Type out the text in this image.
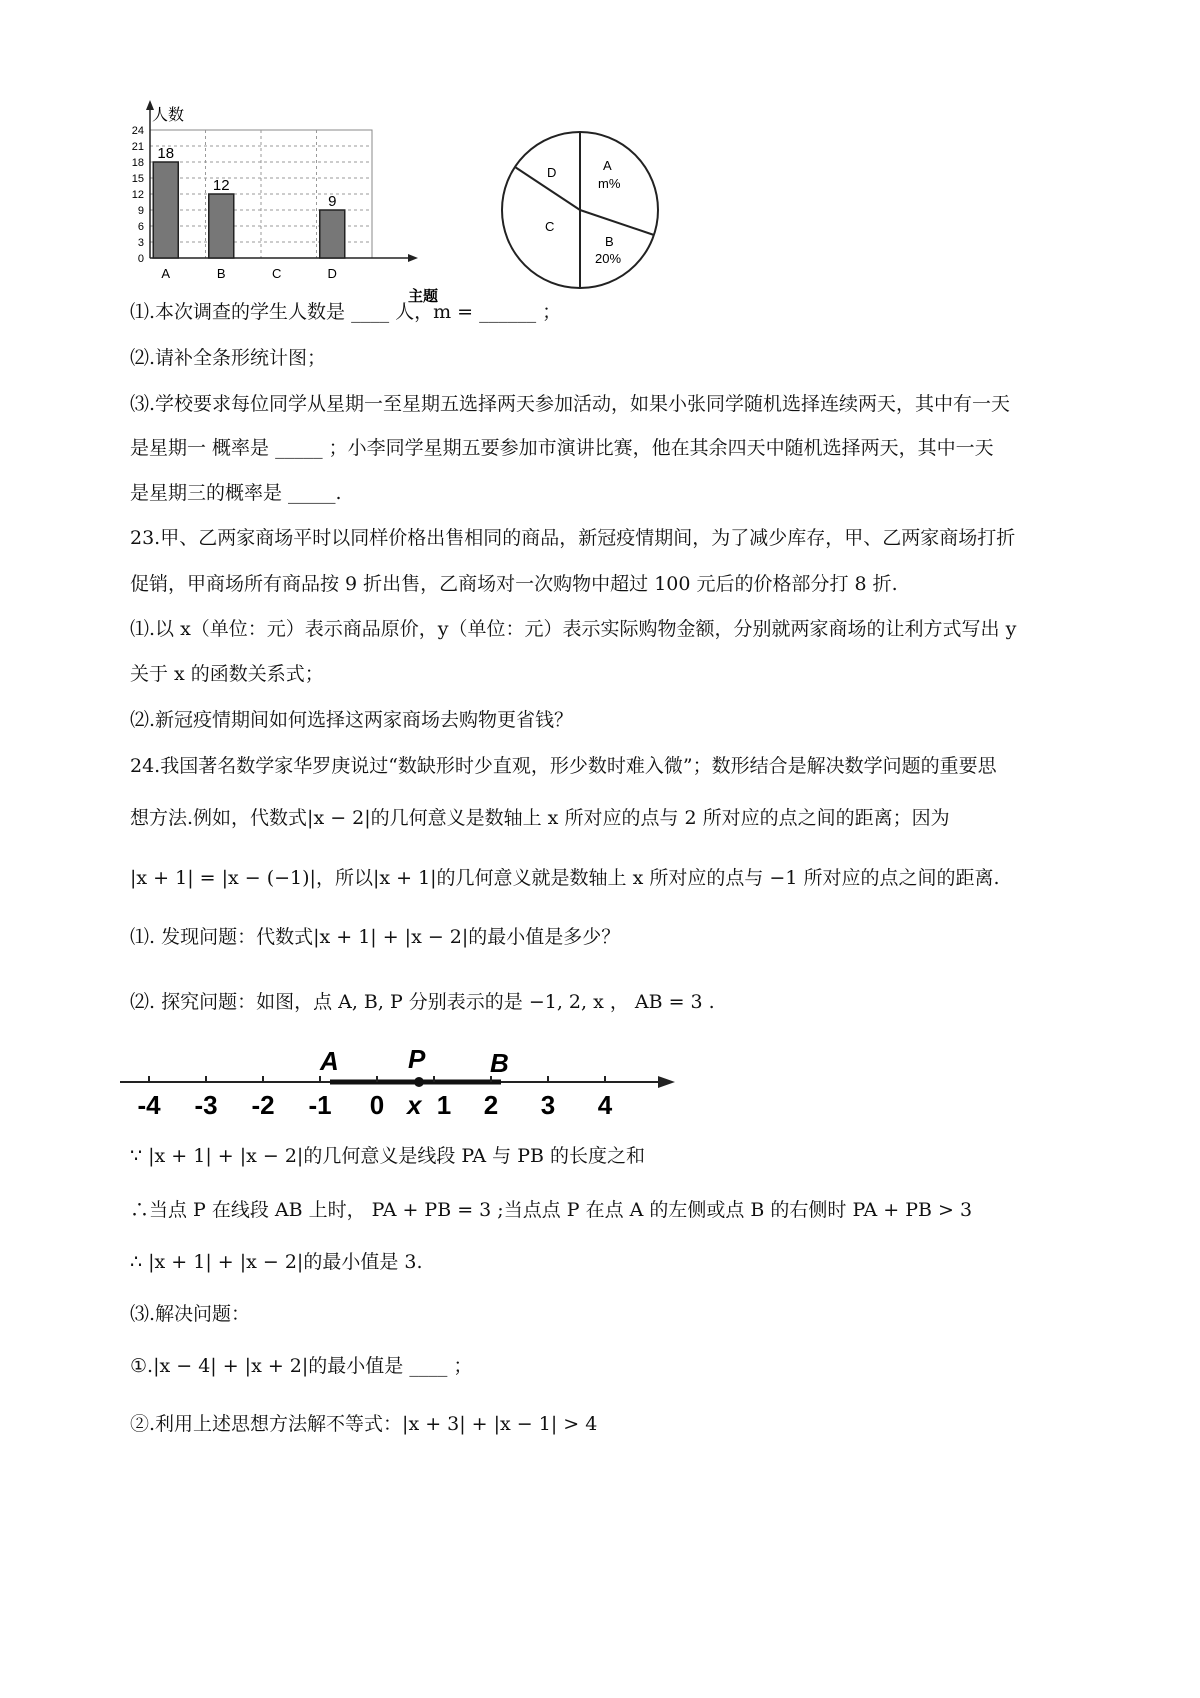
0
3
6
9
12
15
18
21
24
A	B	C	D
18
12
9
人数
主题
A
m%
B
20%
C
D
⑴.本次调查的学生人数是 ____ 人，m = ______ ；
⑵.请补全条形统计图；
⑶.学校要求每位同学从星期一至星期五选择两天参加活动，如果小张同学随机选择连续两天，其中有一天
是星期一 概率是 _____ ；小李同学星期五要参加市演讲比赛，他在其余四天中随机选择两天，其中一天
是星期三的概率是 _____.
23.甲、乙两家商场平时以同样价格出售相同的商品，新冠疫情期间，为了减少库存，甲、乙两家商场打折
促销，甲商场所有商品按 9 折出售，乙商场对一次购物中超过 100 元后的价格部分打 8 折.
⑴.以 x（单位：元）表示商品原价，y（单位：元）表示实际购物金额，分别就两家商场的让利方式写出 y
关于 x 的函数关系式；
⑵.新冠疫情期间如何选择这两家商场去购物更省钱？
24.我国著名数学家华罗庚说过“数缺形时少直观，形少数时难入微”；数形结合是解决数学问题的重要思
想方法.例如，代数式|x − 2|的几何意义是数轴上 x 所对应的点与 2 所对应的点之间的距离；因为
|x + 1| = |x − (−1)|，所以|x + 1|的几何意义就是数轴上 x 所对应的点与 −1 所对应的点之间的距离.
⑴. 发现问题：代数式|x + 1| + |x − 2|的最小值是多少？
⑵. 探究问题：如图，点 A, B, P 分别表示的是 −1, 2, x ， AB = 3 .
-4 -3 -2 -1 0 1 2 3 4
A	P B
x
∵ |x + 1| + |x − 2|的几何意义是线段 PA 与 PB 的长度之和
∴当点 P 在线段 AB 上时， PA + PB = 3 ;当点点 P 在点 A 的左侧或点 B 的右侧时 PA + PB > 3
∴ |x + 1| + |x − 2|的最小值是 3.
⑶.解决问题：
①.|x − 4| + |x + 2|的最小值是 ____ ；
②.利用上述思想方法解不等式：|x + 3| + |x − 1| > 4
